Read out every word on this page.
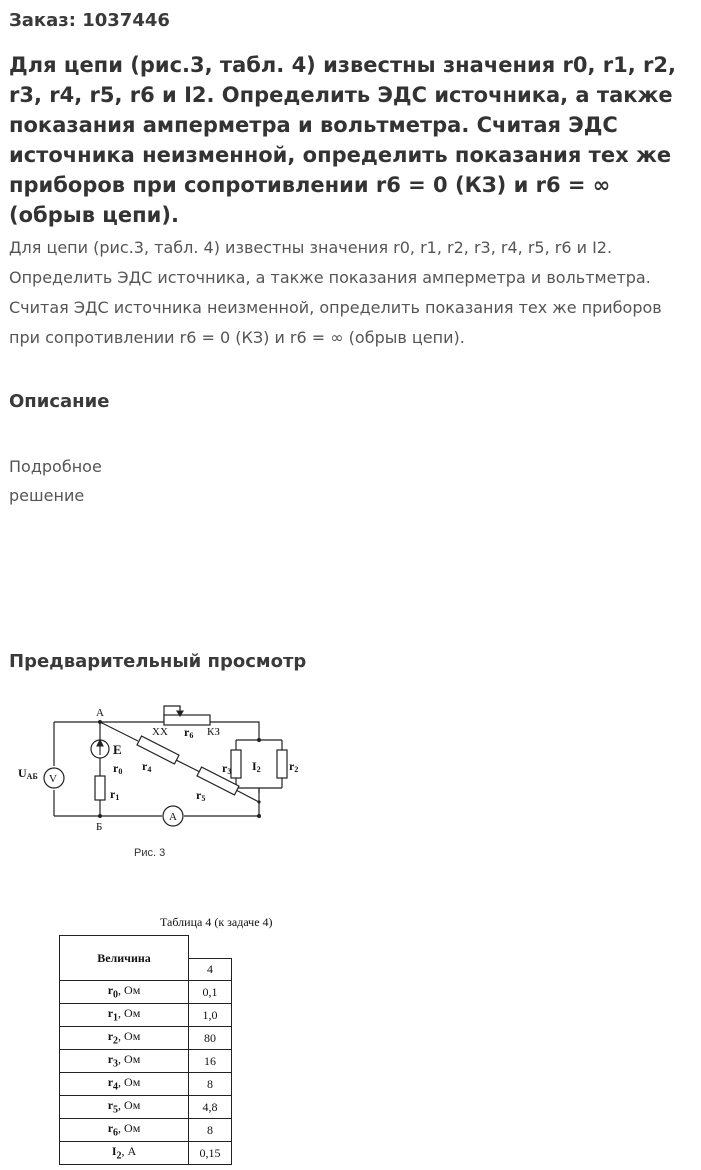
Заказ: 1037446
Для цепи (рис.3, табл. 4) известны значения r0, r1, r2, r3, r4, r5, r6 и I2. Определить ЭДС источника, а также показания амперметра и вольтметра. Считая ЭДС источника неизменной, определить показания тех же приборов при сопротивлении r6 = 0 (КЗ) и r6 = ∞ (обрыв цепи).

Для цепи (рис.3, табл. 4) известны значения r0, r1, r2, r3, r4, r5, r6 и I2. Определить ЭДС источника, а также показания амперметра и вольтметра. Считая ЭДС источника неизменной, определить показания тех же приборов при сопротивлении r6 = 0 (КЗ) и r6 = ∞ (обрыв цепи).

Описание
Подробное
решение
Предварительный просмотр
А
Б
E
r0
r1
r4
r5
r6
r3 I2 r2
ХХ	КЗ
UАБ V
A
Рис. 3
Таблица 4 (к задаче 4)
Величина	
	4
$r_0$, Ом	0,1
$r_1$, Ом	1,0
$r_2$, Ом	80
$r_3$, Ом	16
$r_4$, Ом	8
$r_5$, Ом	4,8
$r_6$, Ом	8
$I_2$, А	0,15
